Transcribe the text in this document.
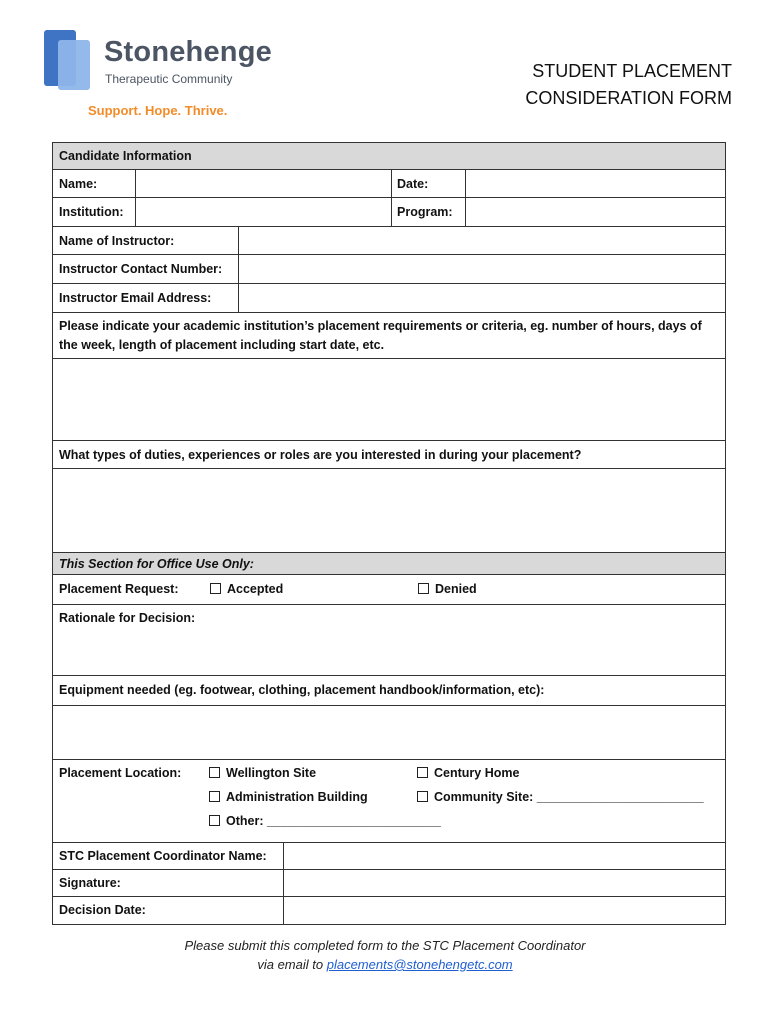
Stonehenge
Therapeutic Community
Support. Hope. Thrive.
STUDENT PLACEMENT
CONSIDERATION FORM
Candidate Information
Name:	Date:
Institution:	Program:
Name of Instructor:
Instructor Contact Number:
Instructor Email Address:
Please indicate your academic institution’s placement requirements or criteria, eg. number of hours, days of the week, length of placement including start date, etc.
What types of duties, experiences or roles are you interested in during your placement?
This Section for Office Use Only:
Placement Request:	Accepted	Denied
Rationale for Decision:
Equipment needed (eg. footwear, clothing, placement handbook/information, etc):
Placement Location:	Wellington Site	Century Home
Administration Building	Community Site: ________________________
Other: _________________________
STC Placement Coordinator Name:
Signature:
Decision Date:
Please submit this completed form to the STC Placement Coordinator
via email to placements@stonehengetc.com
